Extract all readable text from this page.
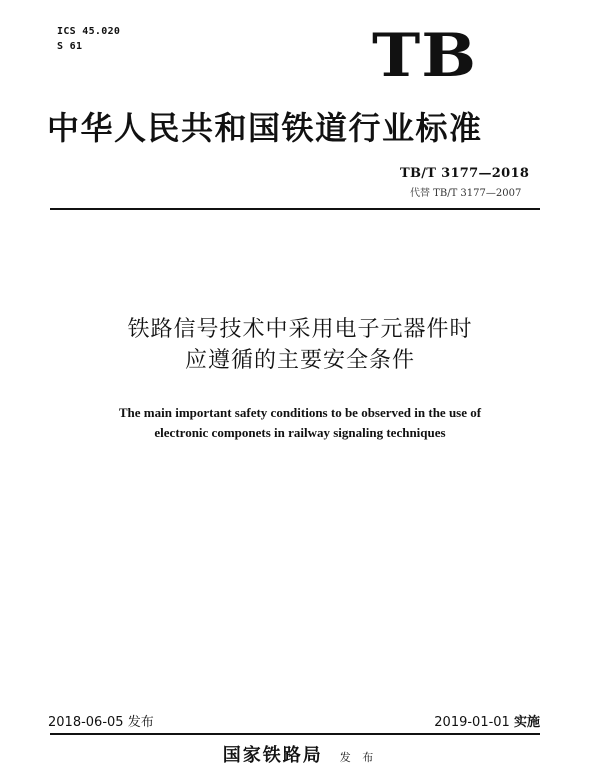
ICS 45.020
S 61	TB
中华人民共和国铁道行业标准
TB/T 3177—2018
代替 TB/T 3177—2007
铁路信号技术中采用电子元器件时
应遵循的主要安全条件
The main important safety conditions to be observed in the use of
electronic componets in railway signaling techniques
2018-06-05 发布	2019-01-01 实施
国家铁路局 发 布
